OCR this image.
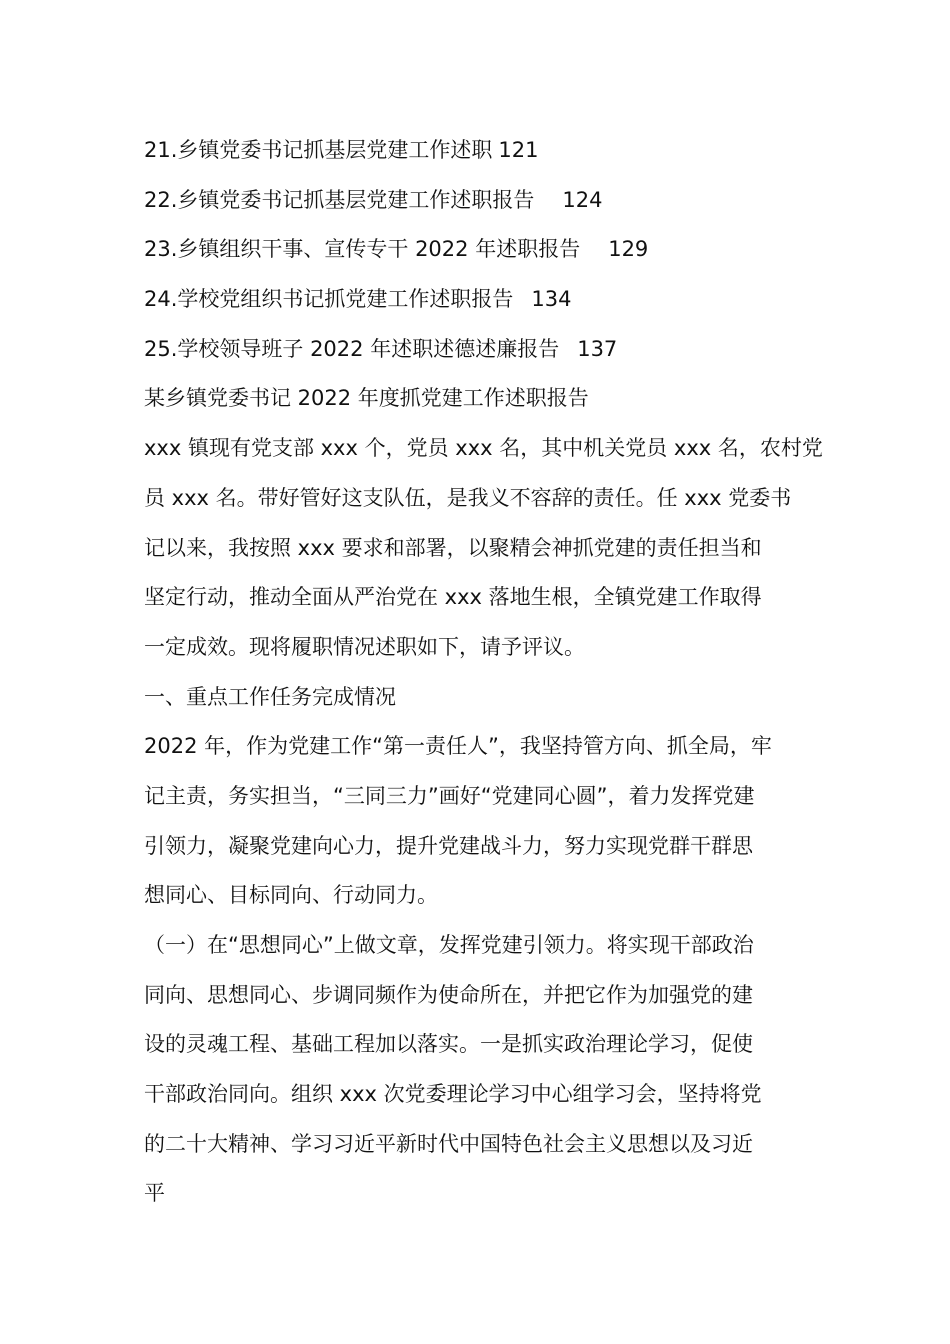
21.乡镇党委书记抓基层党建工作述职 121
22.乡镇党委书记抓基层党建工作述职报告 124
23.乡镇组织干事、宣传专干 2022 年述职报告 129
24.学校党组织书记抓党建工作述职报告 134
25.学校领导班子 2022 年述职述德述廉报告 137
某乡镇党委书记 2022 年度抓党建工作述职报告
xxx 镇现有党支部 xxx 个，党员 xxx 名，其中机关党员 xxx 名，农村党
员 xxx 名。带好管好这支队伍，是我义不容辞的责任。任 xxx 党委书
记以来，我按照 xxx 要求和部署，以聚精会神抓党建的责任担当和
坚定行动，推动全面从严治党在 xxx 落地生根，全镇党建工作取得
一定成效。现将履职情况述职如下，请予评议。
一、重点工作任务完成情况
2022 年，作为党建工作“第一责任人”，我坚持管方向、抓全局，牢
记主责，务实担当，“三同三力”画好“党建同心圆”，着力发挥党建
引领力，凝聚党建向心力，提升党建战斗力，努力实现党群干群思
想同心、目标同向、行动同力。
（一）在“思想同心”上做文章，发挥党建引领力。将实现干部政治
同向、思想同心、步调同频作为使命所在，并把它作为加强党的建
设的灵魂工程、基础工程加以落实。一是抓实政治理论学习，促使
干部政治同向。组织 xxx 次党委理论学习中心组学习会，坚持将党
的二十大精神、学习习近平新时代中国特色社会主义思想以及习近
平
